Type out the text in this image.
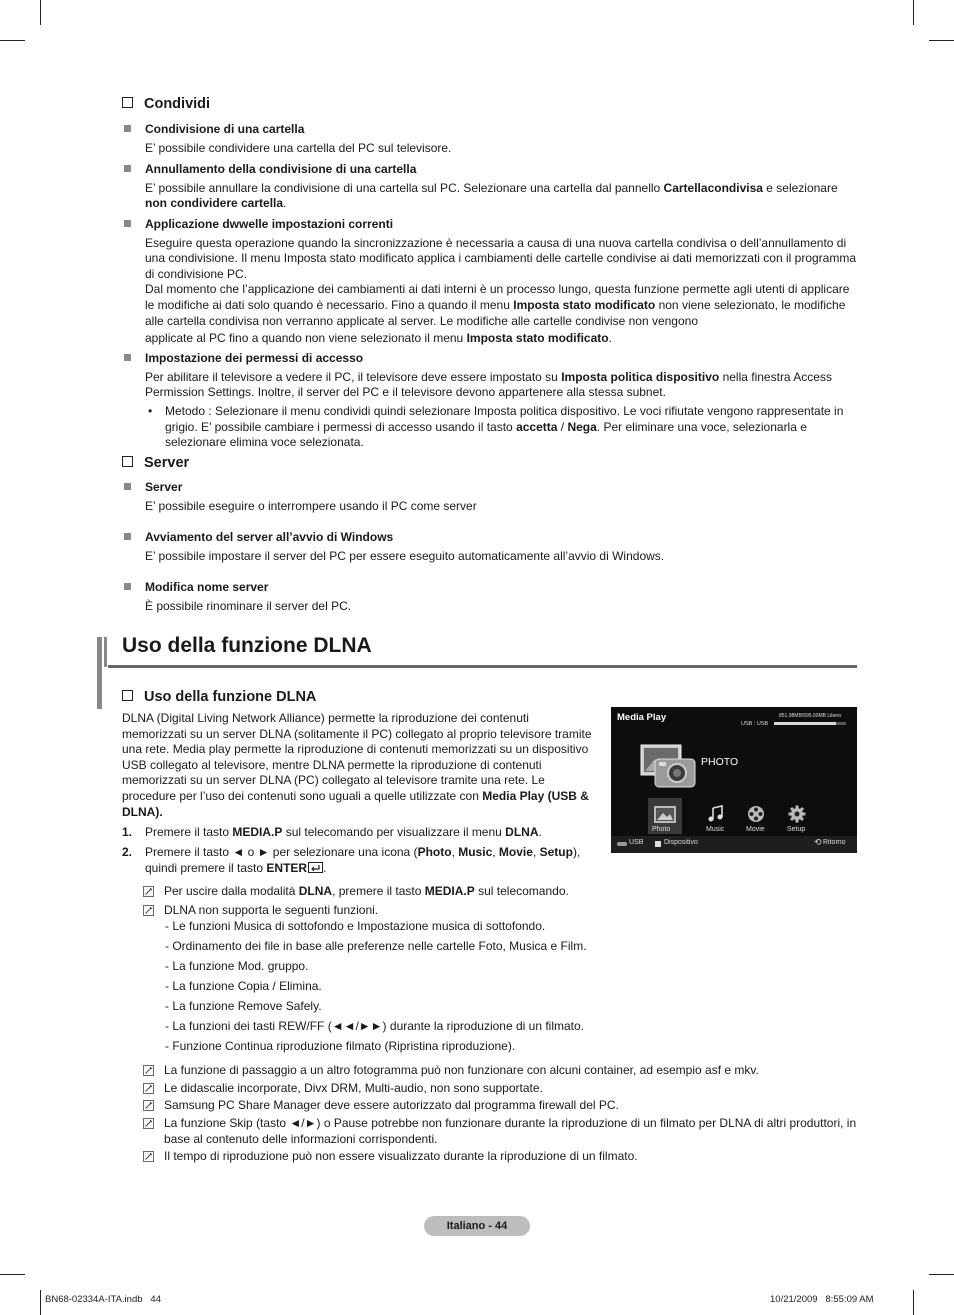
Condividi
Condivisione di una cartella
E’ possibile condividere una cartella del PC sul televisore.
Annullamento della condivisione di una cartella
E’ possibile annullare la condivisione di una cartella sul PC. Selezionare una cartella dal pannello Cartellacondivisa e selezionare non condividere cartella.
Applicazione dwwelle impostazioni correnti
Eseguire questa operazione quando la sincronizzazione è necessaria a causa di una nuova cartella condivisa o dell’annullamento di una condivisione. Il menu Imposta stato modificato applica i cambiamenti delle cartelle condivise ai dati memorizzati con il programma di condivisione PC.
Dal momento che l’applicazione dei cambiamenti ai dati interni è un processo lungo, questa funzione permette agli utenti di applicare le modifiche ai dati solo quando è necessario. Fino a quando il menu Imposta stato modificato non viene selezionato, le modifiche alle cartella condivisa non verranno applicate al server. Le modifiche alle cartelle condivise non vengono
applicate al PC fino a quando non viene selezionato il menu Imposta stato modificato.
Impostazione dei permessi di accesso
Per abilitare il televisore a vedere il PC, il televisore deve essere impostato su Imposta politica dispositivo nella finestra Access Permission Settings. Inoltre, il server del PC e il televisore devono appartenere alla stessa subnet.
• Metodo : Selezionare il menu condividi quindi selezionare Imposta politica dispositivo. Le voci rifiutate vengono rappresentate in grigio. E’ possibile cambiare i permessi di accesso usando il tasto accetta / Nega. Per eliminare una voce, selezionarla e selezionare elimina voce selezionata.
Server
Server
E’ possibile eseguire o interrompere usando il PC come server
Avviamento del server all’avvio di Windows
E’ possibile impostare il server del PC per essere eseguito automaticamente all’avvio di Windows.
Modifica nome server
È possibile rinominare il server del PC.
Uso della funzione DLNA
Uso della funzione DLNA
DLNA (Digital Living Network Alliance) permette la riproduzione dei contenuti memorizzati su un server DLNA (solitamente il PC) collegato al proprio televisore tramite una rete. Media play permette la riproduzione di contenuti memorizzati su un dispositivo USB collegato al televisore, mentre DLNA permette la riproduzione di contenuti memorizzati su un server DLNA (PC) collegato al televisore tramite una rete. Le procedure per l’uso dei contenuti sono uguali a quelle utilizzate con Media Play (USB & DLNA).
1. Premere il tasto MEDIA.P sul telecomando per visualizzare il menu DLNA.
2. Premere il tasto ◄ o ► per selezionare una icona (Photo, Music, Movie, Setup), quindi premere il tasto ENTER .
Per uscire dalla modalità DLNA, premere il tasto MEDIA.P sul telecomando.
DLNA non supporta le seguenti funzioni.
- Le funzioni Musica di sottofondo e Impostazione musica di sottofondo.
- Ordinamento dei file in base alle preferenze nelle cartelle Foto, Musica e Film.
- La funzione Mod. gruppo.
- La funzione Copia / Elimina.
- La funzione Remove Safely.
- La funzioni dei tasti REW/FF (◄◄/►►) durante la riproduzione di un filmato.
- Funzione Continua riproduzione filmato (Ripristina riproduzione).
La funzione di passaggio a un altro fotogramma può non funzionare con alcuni container, ad esempio asf e mkv.
Le didascalie incorporate, Divx DRM, Multi-audio, non sono supportate.
Samsung PC Share Manager deve essere autorizzato dal programma firewall del PC.
La funzione Skip (tasto ◄/►) o Pause potrebbe non funzionare durante la riproduzione di un filmato per DLNA di altri produttori, in base al contenuto delle informazioni corrispondenti.
Il tempo di riproduzione può non essere visualizzato durante la riproduzione di un filmato.
Media Play	851.98MB/995.00MB Libero
USB : USB
PHOTO
Photo	Music	Movie	Setup
USB	Dispositivo	⟲ Ritorno
Italiano - 44
BN68-02334A-ITA.indb   44	10/21/2009   8:55:09 AM
